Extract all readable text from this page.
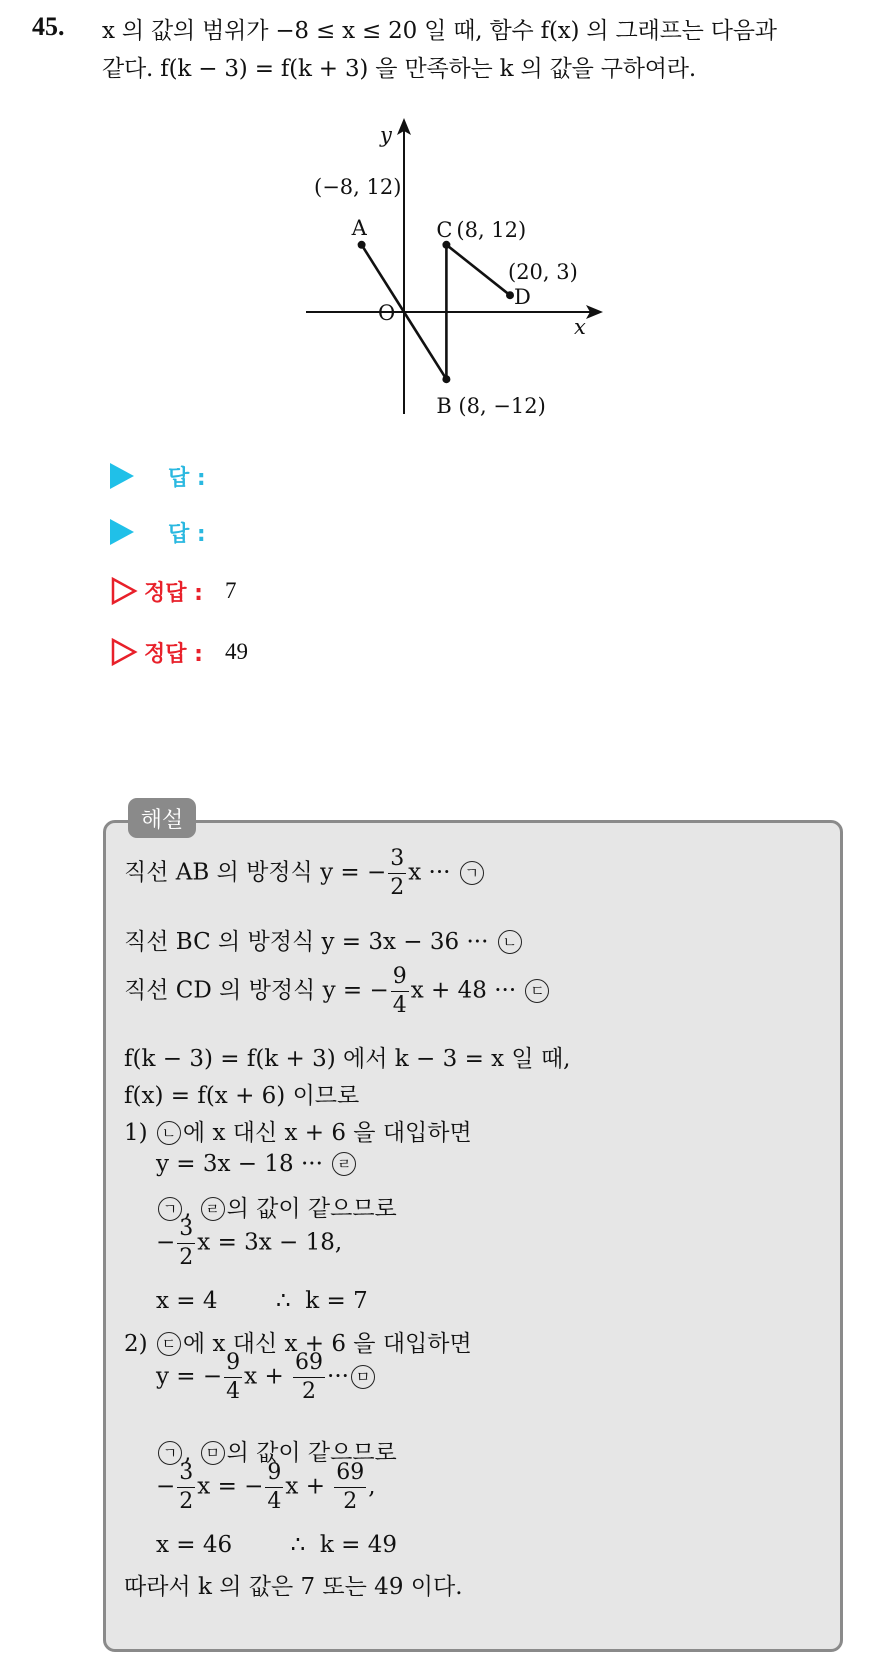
45. x 의 값의 범위가 −8 ≤ x ≤ 20 일 때, 함수 f(x) 의 그래프는 다음과
같다. f(k − 3) = f(k + 3) 을 만족하는 k 의 값을 구하여라.
y
x
O
(−8, 12)
A
B (8, −12)
C (8, 12)
(20, 3)
D
답 :
답 :
정답 : 7
정답 : 49
해설
직선 AB 의 방정식 y = − $\frac{3}{2}$ x ··· ㄱ
직선 BC 의 방정식 y = 3x − 36 ··· ㄴ
직선 CD 의 방정식 y = − $\frac{9}{4}$ x + 48 ··· ㄷ
f(k − 3) = f(k + 3) 에서 k − 3 = x 일 때,
f(x) = f(x + 6) 이므로
1) ㄴ 에 x 대신 x + 6 을 대입하면
y = 3x − 18 ··· ㄹ
ㄱ , ㄹ 의 값이 같으므로
− $\frac{3}{2}$ x = 3x − 18,
x = 4        ∴  k = 7
2) ㄷ 에 x 대신 x + 6 을 대입하면
y = − $\frac{9}{4}$ $x + \frac{69}{2}$ ··· ㅁ
ㄱ , ㅁ 의 값이 같으므로
− $\frac{3}{2}$ x = − $\frac{9}{4}$ $x + \frac{69}{2}$ ,
x = 46        ∴  k = 49
따라서 k 의 값은 7 또는 49 이다.
